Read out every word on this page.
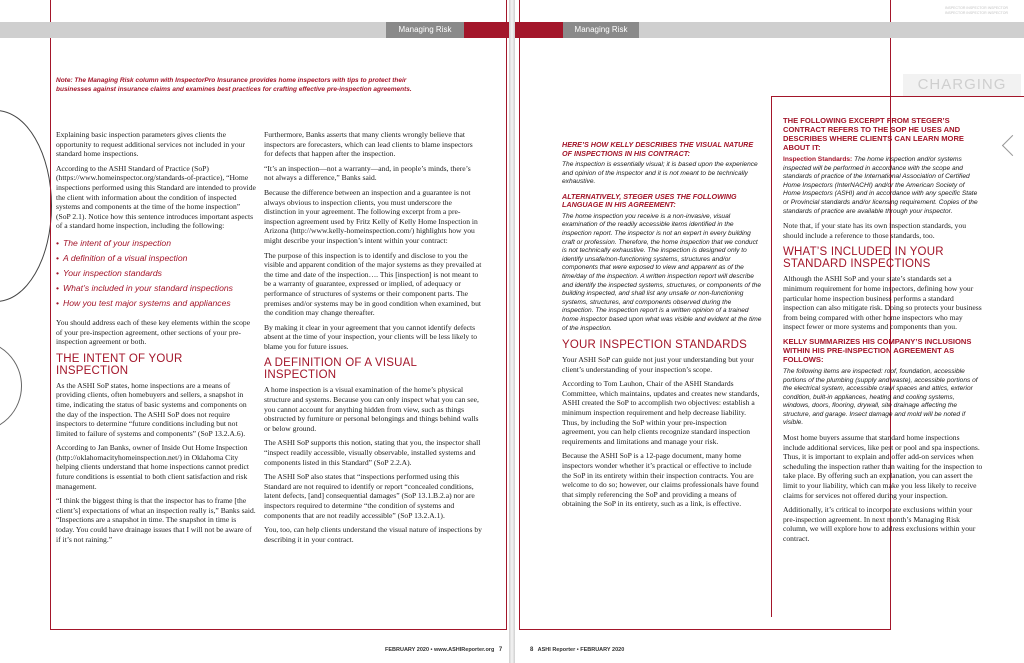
Managing Risk
Note: The Managing Risk column with InspectorPro Insurance provides home inspectors with tips to protect their businesses against insurance claims and examines best practices for crafting effective pre-inspection agreements.

Explaining basic inspection parameters gives clients the opportunity to request additional services not included in your standard home inspections.

According to the ASHI Standard of Practice (SoP) (https://www.homeinspector.org/standards-of-practice), “Home inspections performed using this Standard are intended to provide the client with information about the condition of inspected systems and components at the time of the home inspection” (SoP 2.1). Notice how this sentence introduces important aspects of a standard home inspection, including the following:

• The intent of your inspection
• A definition of a visual inspection
• Your inspection standards
• What’s included in your standard inspections
• How you test major systems and appliances

You should address each of these key elements within the scope of your pre-inspection agreement, other sections of your pre-inspection agreement or both.

THE INTENT OF YOUR INSPECTION

As the ASHI SoP states, home inspections are a means of providing clients, often homebuyers and sellers, a snapshot in time, indicating the status of basic systems and components on the day of the inspection. The ASHI SoP does not require inspectors to determine “future conditions including but not limited to failure of systems and components” (SoP 13.2.A.6).

According to Jan Banks, owner of Inside Out Home Inspection (http://oklahomacityhomeinspection.net/) in Oklahoma City helping clients understand that home inspections cannot predict future conditions is essential to both client satisfaction and risk management.

“I think the biggest thing is that the inspector has to frame [the client’s] expectations of what an inspection really is,” Banks said. “Inspections are a snapshot in time. The snapshot in time is today. You could have drainage issues that I will not be aware of if it’s not raining.”

Furthermore, Banks asserts that many clients wrongly believe that inspectors are forecasters, which can lead clients to blame inspectors for defects that happen after the inspection.

“It’s an inspection—not a warranty—and, in people’s minds, there’s not always a difference,” Banks said.

Because the difference between an inspection and a guarantee is not always obvious to inspection clients, you must underscore the distinction in your agreement. The following excerpt from a pre-inspection agreement used by Fritz Kelly of Kelly Home Inspection in Arizona (http://www.kelly-homeinspection.com/) highlights how you might describe your inspection’s intent within your contract:

The purpose of this inspection is to identify and disclose to you the visible and apparent condition of the major systems as they prevailed at the time and date of the inspection…. This [inspection] is not meant to be a warranty of guarantee, expressed or implied, of adequacy or performance of structures of systems or their component parts. The premises and/or systems may be in good condition when examined, but the condition may change thereafter.

By making it clear in your agreement that you cannot identify defects absent at the time of your inspection, your clients will be less likely to blame you for future issues.

A DEFINITION OF A VISUAL INSPECTION

A home inspection is a visual examination of the home’s physical structure and systems. Because you can only inspect what you can see, you cannot account for anything hidden from view, such as things obstructed by furniture or personal belongings and things behind walls or below ground.

The ASHI SoP supports this notion, stating that you, the inspector shall “inspect readily accessible, visually observable, installed systems and components listed in this Standard” (SoP 2.2.A).

The ASHI SoP also states that “inspections performed using this Standard are not required to identify or report “concealed conditions, latent defects, [and] consequential damages” (SoP 13.1.B.2.a) nor are inspectors required to determine “the condition of systems and components that are not readily accessible” (SoP 13.2.A.1).

You, too, can help clients understand the visual nature of inspections by describing it in your contract.

FEBRUARY 2020 • www.ASHIReporter.org 7
INSPECTOR INSPECTOR INSPECTOR INSPECTOR INSPECTOR INSPECTOR
Managing Risk
CHARGING
HERE’S HOW KELLY DESCRIBES THE VISUAL NATURE OF INSPECTIONS IN HIS CONTRACT:

The inspection is essentially visual; it is based upon the experience and opinion of the inspector and it is not meant to be technically exhaustive.

ALTERNATIVELY, STEGER USES THE FOLLOWING LANGUAGE IN HIS AGREEMENT:

The home inspection you receive is a non-invasive, visual examination of the readily accessible items identified in the inspection report. The inspector is not an expert in every building craft or profession. Therefore, the home inspection that we conduct is not technically exhaustive. The inspection is designed only to identify unsafe/non-functioning systems, structures and/or components that were exposed to view and apparent as of the time/day of the inspection. A written inspection report will describe and identify the inspected systems, structures, or components of the building inspected, and shall list any unsafe or non-functioning systems, structures, and components observed during the inspection. The inspection report is a written opinion of a trained home inspector based upon what was visible and evident at the time of the inspection.

YOUR INSPECTION STANDARDS

Your ASHI SoP can guide not just your understanding but your client’s understanding of your inspection’s scope.

According to Tom Lauhon, Chair of the ASHI Standards Committee, which maintains, updates and creates new standards, ASHI created the SoP to accomplish two objectives: establish a minimum inspection requirement and help decrease liability. Thus, by including the SoP within your pre-inspection agreement, you can help clients recognize standard inspection requirements and limitations and manage your risk.

Because the ASHI SoP is a 12-page document, many home inspectors wonder whether it’s practical or effective to include the SoP in its entirety within their inspection contracts. You are welcome to do so; however, our claims professionals have found that simply referencing the SoP and providing a means of obtaining the SoP in its entirety, such as a link, is effective.

THE FOLLOWING EXCERPT FROM STEGER’S CONTRACT REFERS TO THE SOP HE USES AND DESCRIBES WHERE CLIENTS CAN LEARN MORE ABOUT IT:

Inspection Standards: The home inspection and/or systems inspected will be performed in accordance with the scope and standards of practice of the International Association of Certified Home Inspectors (InterNACHI) and/or the American Society of Home Inspectors (ASHI) and in accordance with any specific State or Provincial standards and/or licensing requirement. Copies of the standards of practice are available through your inspector.

Note that, if your state has its own inspection standards, you should include a reference to those standards, too.

WHAT’S INCLUDED IN YOUR STANDARD INSPECTIONS

Although the ASHI SoP and your state’s standards set a minimum requirement for home inspectors, defining how your particular home inspection business performs a standard inspection can also mitigate risk. Doing so protects your business from being compared with other home inspectors who may inspect fewer or more systems and components than you.

KELLY SUMMARIZES HIS COMPANY’S INCLUSIONS WITHIN HIS PRE-INSPECTION AGREEMENT AS FOLLOWS:

The following items are inspected: roof, foundation, accessible portions of the plumbing (supply and waste), accessible portions of the electrical system, accessible crawl spaces and attics, exterior condition, built-in appliances, heating and cooling systems, windows, doors, flooring, drywall, site drainage affecting the structure, and garage. Insect damage and mold will be noted if visible.

Most home buyers assume that standard home inspections include additional services, like pest or pool and spa inspections. Thus, it is important to explain and offer add-on services when scheduling the inspection rather than waiting for the inspection to take place. By offering such an explanation, you can assert the limit to your liability, which can make you less likely to receive claims for services not offered during your inspection.

Additionally, it’s critical to incorporate exclusions within your pre-inspection agreement. In next month’s Managing Risk column, we will explore how to address exclusions within your contract.

8 ASHI Reporter • FEBRUARY 2020
